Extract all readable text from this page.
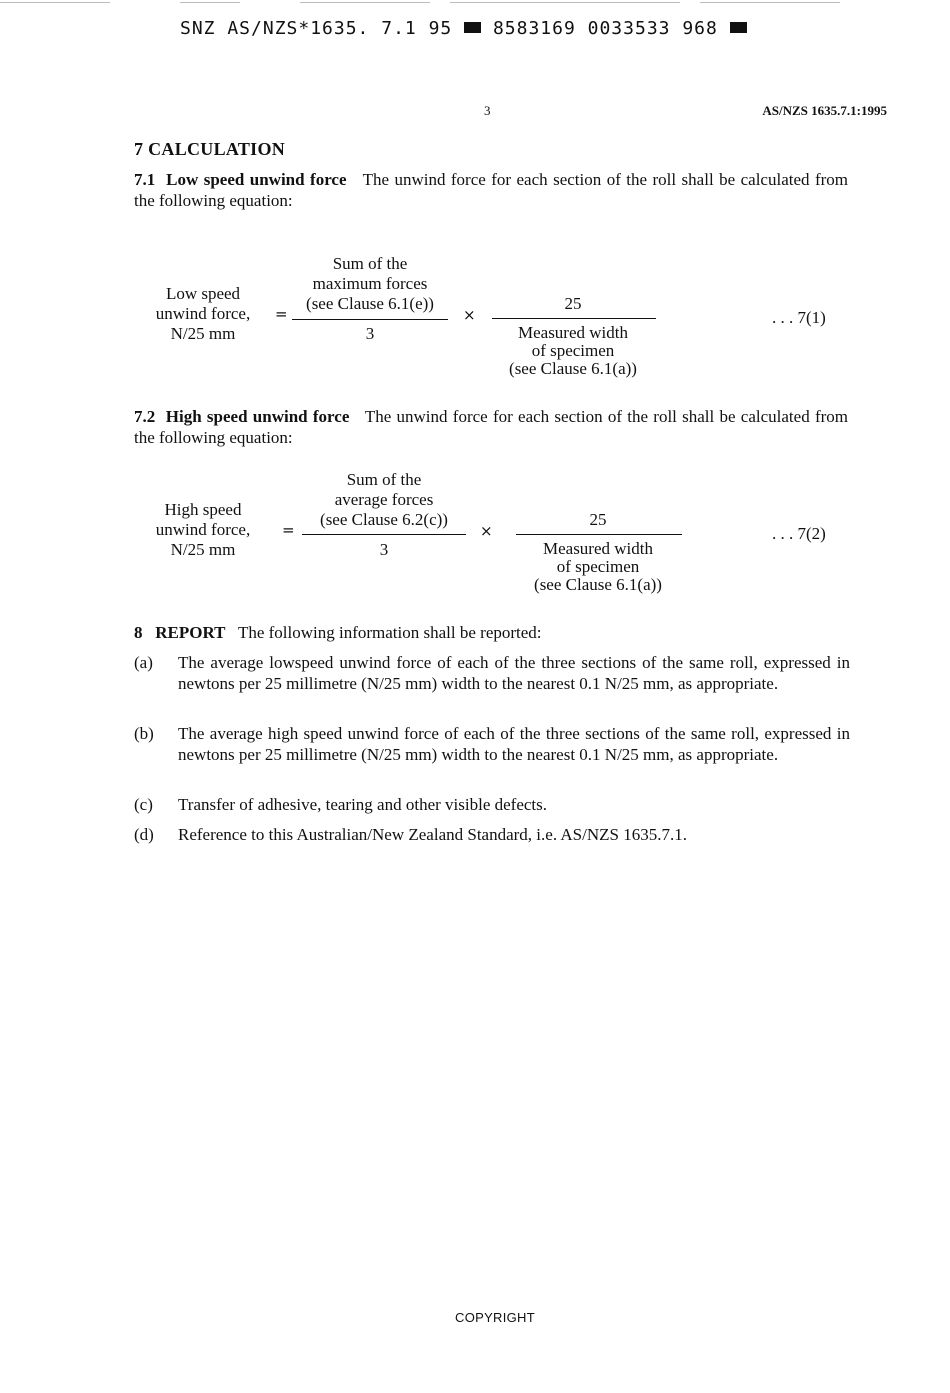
SNZ AS/NZS*1635. 7.1 95 8583169 0033533 968
3	AS/NZS 1635.7.1:1995
7 CALCULATION
7.1 Low speed unwind force The unwind force for each section of the roll shall be calculated from the following equation:
Low speed
unwind force,
N/25 mm
=
Sum of the
maximum forces
(see Clause 6.1(e))
3
×
25
Measured width
of specimen
(see Clause 6.1(a))
. . . 7(1)
7.2 High speed unwind force The unwind force for each section of the roll shall be calculated from the following equation:
High speed
unwind force,
N/25 mm
=
Sum of the
average forces
(see Clause 6.2(c))
3
×
25
Measured width
of specimen
(see Clause 6.1(a))
. . . 7(2)
8 REPORT The following information shall be reported:
(a) The average lowspeed unwind force of each of the three sections of the same roll, expressed in newtons per 25 millimetre (N/25 mm) width to the nearest 0.1 N/25 mm, as appropriate.
(b) The average high speed unwind force of each of the three sections of the same roll, expressed in newtons per 25 millimetre (N/25 mm) width to the nearest 0.1 N/25 mm, as appropriate.
(c) Transfer of adhesive, tearing and other visible defects.
(d) Reference to this Australian/New Zealand Standard, i.e. AS/NZS 1635.7.1.
COPYRIGHT
